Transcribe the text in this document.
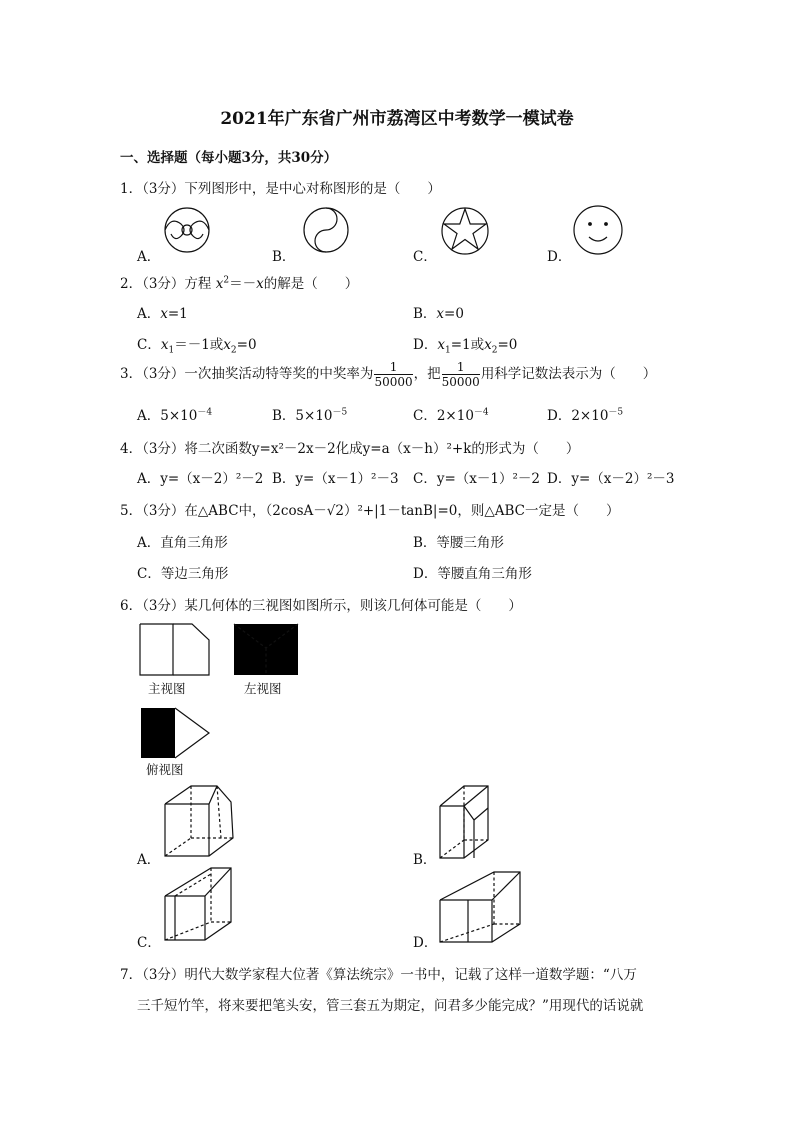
2021年广东省广州市荔湾区中考数学一模试卷
一、选择题（每小题3分，共30分）
1．（3分）下列图形中，是中心对称图形的是（　　）
A．	B．	C．	D．
2．（3分）方程 $x^2=-x$的解是（　　）
A．x=1	B．x=0
C．$x_1=-1$或$x_2=0$	D．$x_1=1$或$x_2=0$
3．（3分）一次抽奖活动特等奖的中奖率为 $\frac{1}{50000}$ ，把 $\frac{1}{50000}$ 用科学记数法表示为（　　）
A．$5\times 10^{-4}$	B．$5\times 10^{-5}$	C．$2\times 10^{-4}$	D．$2\times 10^{-5}$
4．（3分）将二次函数y=x²－2x－2化成y=a（x－h）²+k的形式为（　　）
A．y=（x－2）²－2 B．y=（x－1）²－3 C．y=（x－1）²－2 D．y=（x－2）²－3
5．（3分）在△ABC中，（2cosA－√2）²+|1－tanB|=0，则△ABC一定是（　　）
A．直角三角形	B．等腰三角形
C．等边三角形	D．等腰直角三角形
6．（3分）某几何体的三视图如图所示，则该几何体可能是（　　）
主视图	左视图
俯视图
A．	B．
C．	D．
7．（3分）明代大数学家程大位著《算法统宗》一书中，记载了这样一道数学题：“八万
三千短竹竿，将来要把笔头安，管三套五为期定，问君多少能完成？”用现代的话说就
